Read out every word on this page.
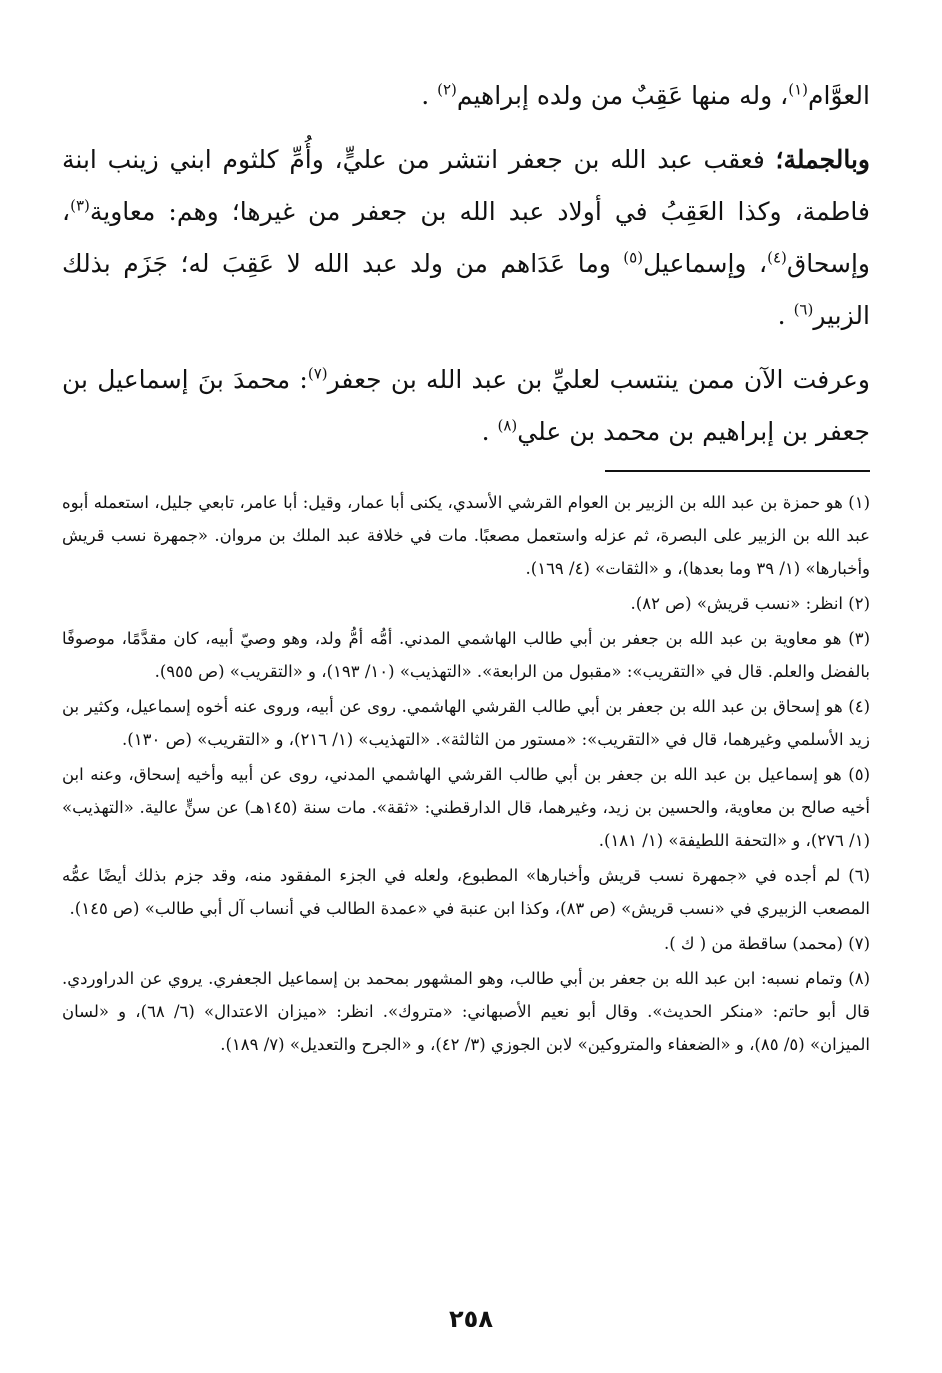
العوَّام$^{(١)}$، وله منها عَقِبٌ من ولده إبراهيم$^{(٢)}$ .

وبالجملة؛ فعقب عبد الله بن جعفر انتشر من عليٍّ، وأُمِّ كلثوم ابني زينب ابنة فاطمة، وكذا العَقِبُ في أولاد عبد الله بن جعفر من غيرها؛ وهم: معاوية$^{(٣)}$، وإسحاق$^{(٤)}$، وإسماعيل$^{(٥)}$ وما عَدَاهم من ولد عبد الله لا عَقِبَ له؛ جَزَم بذلك الزبير$^{(٦)}$ .

وعرفت الآن ممن ينتسب لعليِّ بن عبد الله بن جعفر$^{(٧)}$: محمدَ بنَ إسماعيل بن جعفر بن إبراهيم بن محمد بن علي$^{(٨)}$ .

(١) هو حمزة بن عبد الله بن الزبير بن العوام القرشي الأسدي، يكنى أبا عمار، وقيل: أبا عامر، تابعي جليل، استعمله أبوه عبد الله بن الزبير على البصرة، ثم عزله واستعمل مصعبًا. مات في خلافة عبد الملك بن مروان. «جمهرة نسب قريش وأخبارها» (١/ ٣٩ وما بعدها)، و «الثقات» (٤/ ١٦٩).

(٢) انظر: «نسب قريش» (ص ٨٢).

(٣) هو معاوية بن عبد الله بن جعفر بن أبي طالب الهاشمي المدني. أمُّه أمُّ ولد، وهو وصيّ أبيه، كان مقدَّمًا، موصوفًا بالفضل والعلم. قال في «التقريب»: «مقبول من الرابعة». «التهذيب» (١٠/ ١٩٣)، و «التقريب» (ص ٩٥٥).

(٤) هو إسحاق بن عبد الله بن جعفر بن أبي طالب القرشي الهاشمي. روى عن أبيه، وروى عنه أخوه إسماعيل، وكثير بن زيد الأسلمي وغيرهما، قال في «التقريب»: «مستور من الثالثة». «التهذيب» (١/ ٢١٦)، و «التقريب» (ص ١٣٠).

(٥) هو إسماعيل بن عبد الله بن جعفر بن أبي طالب القرشي الهاشمي المدني، روى عن أبيه وأخيه إسحاق، وعنه ابن أخيه صالح بن معاوية، والحسين بن زيد، وغيرهما، قال الدارقطني: «ثقة». مات سنة (١٤٥هـ) عن سنٍّ عالية. «التهذيب» (١/ ٢٧٦)، و «التحفة اللطيفة» (١/ ١٨١).

(٦) لم أجده في «جمهرة نسب قريش وأخبارها» المطبوع، ولعله في الجزء المفقود منه، وقد جزم بذلك أيضًا عمُّه المصعب الزبيري في «نسب قريش» (ص ٨٣)، وكذا ابن عنبة في «عمدة الطالب في أنساب آل أبي طالب» (ص ١٤٥).

(٧) (محمد) ساقطة من ( ك ).

(٨) وتمام نسبه: ابن عبد الله بن جعفر بن أبي طالب، وهو المشهور بمحمد بن إسماعيل الجعفري. يروي عن الدراوردي. قال أبو حاتم: «منكر الحديث». وقال أبو نعيم الأصبهاني: «متروك». انظر: «ميزان الاعتدال» (٦/ ٦٨)، و «لسان الميزان» (٥/ ٨٥)، و «الضعفاء والمتروكين» لابن الجوزي (٣/ ٤٢)، و «الجرح والتعديل» (٧/ ١٨٩).

٢٥٨
